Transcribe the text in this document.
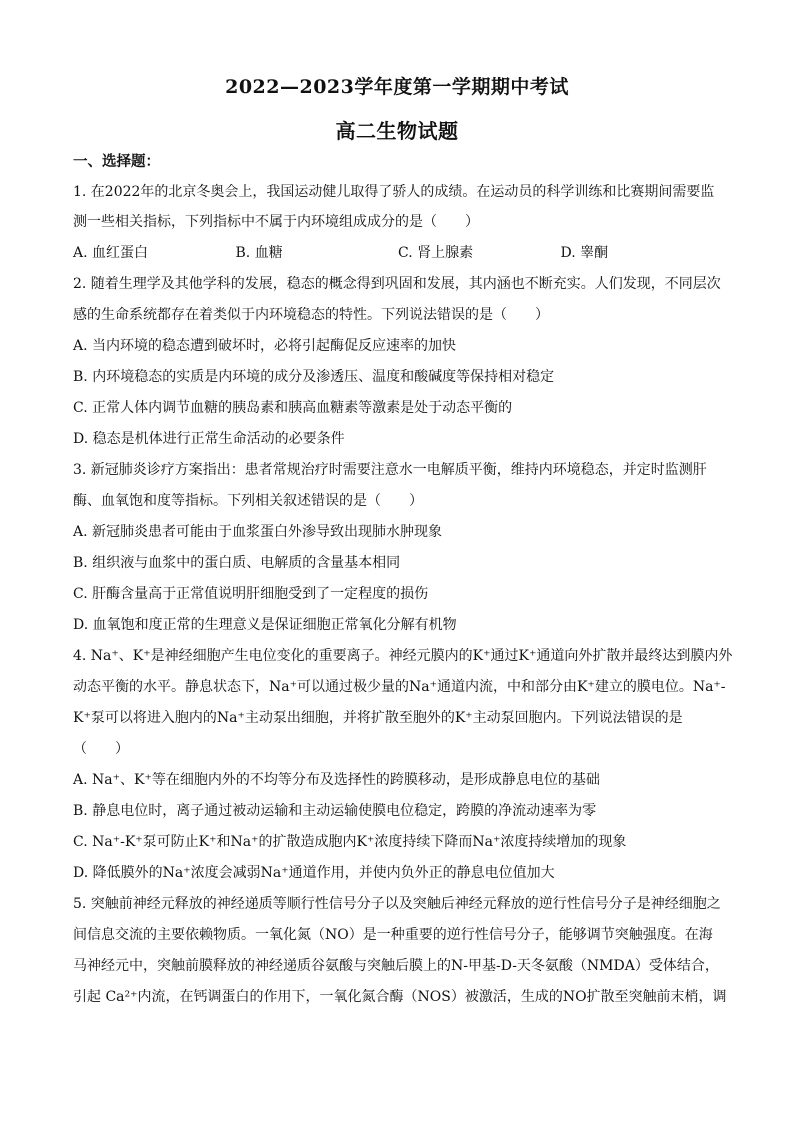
2022—2023学年度第一学期期中考试
高二生物试题
一、选择题：
1. 在2022年的北京冬奥会上，我国运动健儿取得了骄人的成绩。在运动员的科学训练和比赛期间需要监
测一些相关指标，下列指标中不属于内环境组成成分的是（　　）
A. 血红蛋白	B. 血糖	C. 肾上腺素	D. 睾酮
2. 随着生理学及其他学科的发展，稳态的概念得到巩固和发展，其内涵也不断充实。人们发现，不同层次
感的生命系统都存在着类似于内环境稳态的特性。下列说法错误的是（　　）
A. 当内环境的稳态遭到破坏时，必将引起酶促反应速率的加快
B. 内环境稳态的实质是内环境的成分及渗透压、温度和酸碱度等保持相对稳定
C. 正常人体内调节血糖的胰岛素和胰高血糖素等激素是处于动态平衡的
D. 稳态是机体进行正常生命活动的必要条件
3. 新冠肺炎诊疗方案指出：患者常规治疗时需要注意水一电解质平衡，维持内环境稳态，并定时监测肝
酶、血氧饱和度等指标。下列相关叙述错误的是（　　）
A. 新冠肺炎患者可能由于血浆蛋白外渗导致出现肺水肿现象
B. 组织液与血浆中的蛋白质、电解质的含量基本相同
C. 肝酶含量高于正常值说明肝细胞受到了一定程度的损伤
D. 血氧饱和度正常的生理意义是保证细胞正常氧化分解有机物
4. Na⁺、K⁺是神经细胞产生电位变化的重要离子。神经元膜内的K⁺通过K⁺通道向外扩散并最终达到膜内外
动态平衡的水平。静息状态下，Na⁺可以通过极少量的Na⁺通道内流，中和部分由K⁺建立的膜电位。Na⁺-
K⁺泵可以将进入胞内的Na⁺主动泵出细胞，并将扩散至胞外的K⁺主动泵回胞内。下列说法错误的是
（　　）
A. Na⁺、K⁺等在细胞内外的不均等分布及选择性的跨膜移动，是形成静息电位的基础
B. 静息电位时，离子通过被动运输和主动运输使膜电位稳定，跨膜的净流动速率为零
C. Na⁺-K⁺泵可防止K⁺和Na⁺的扩散造成胞内K⁺浓度持续下降而Na⁺浓度持续增加的现象
D. 降低膜外的Na⁺浓度会减弱Na⁺通道作用，并使内负外正的静息电位值加大
5. 突触前神经元释放的神经递质等顺行性信号分子以及突触后神经元释放的逆行性信号分子是神经细胞之
间信息交流的主要依赖物质。一氧化氮（NO）是一种重要的逆行性信号分子，能够调节突触强度。在海
马神经元中，突触前膜释放的神经递质谷氨酸与突触后膜上的N-甲基-D-天冬氨酸（NMDA）受体结合，
引起 Ca²⁺内流，在钙调蛋白的作用下，一氧化氮合酶（NOS）被激活，生成的NO扩散至突触前末梢，调
